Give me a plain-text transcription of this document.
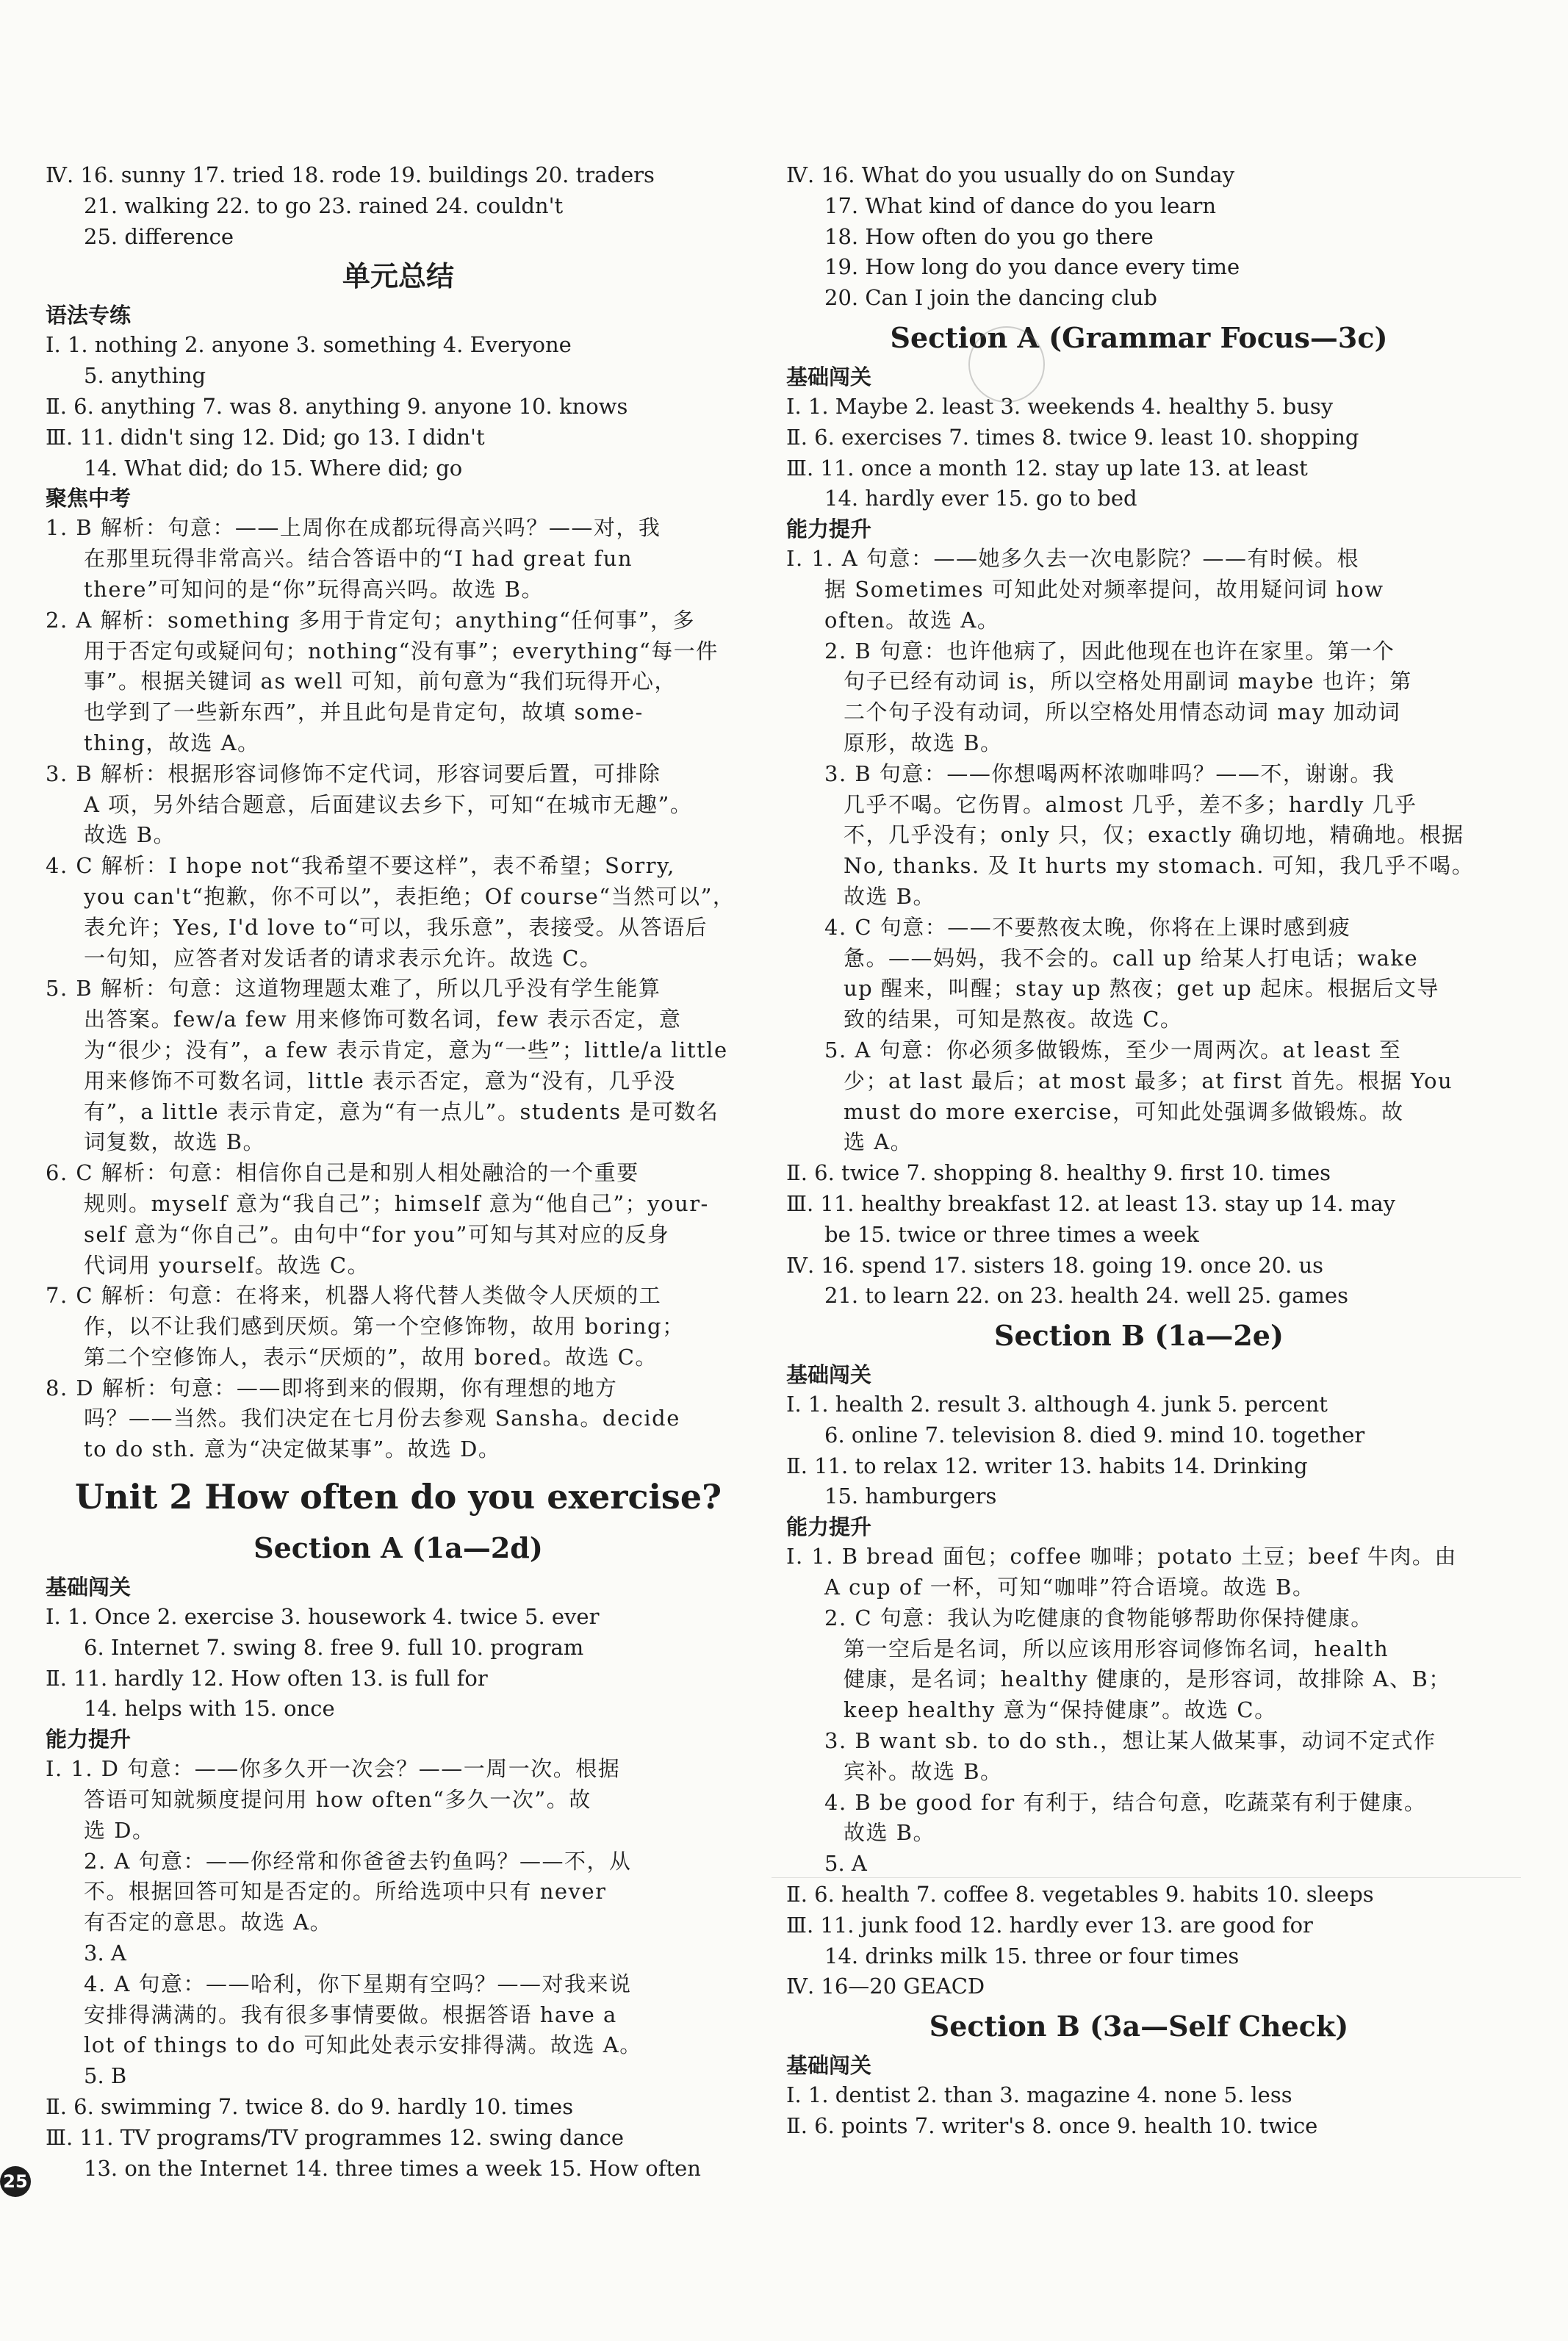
Ⅳ. 16. sunny 17. tried 18. rode 19. buildings 20. traders
21. walking 22. to go 23. rained 24. couldn't
25. difference
单元总结
语法专练
Ⅰ. 1. nothing 2. anyone 3. something 4. Everyone
5. anything
Ⅱ. 6. anything 7. was 8. anything 9. anyone 10. knows
Ⅲ. 11. didn't sing 12. Did; go 13. I didn't
14. What did; do 15. Where did; go
聚焦中考
1. B 解析：句意：——上周你在成都玩得高兴吗？——对，我
在那里玩得非常高兴。结合答语中的“I had great fun
there”可知问的是“你”玩得高兴吗。故选 B。
2. A 解析：something 多用于肯定句；anything“任何事”，多
用于否定句或疑问句；nothing“没有事”；everything“每一件
事”。根据关键词 as well 可知，前句意为“我们玩得开心，
也学到了一些新东西”，并且此句是肯定句，故填 some-
thing，故选 A。
3. B 解析：根据形容词修饰不定代词，形容词要后置，可排除
A 项，另外结合题意，后面建议去乡下，可知“在城市无趣”。
故选 B。
4. C 解析：I hope not“我希望不要这样”，表不希望；Sorry,
you can't“抱歉，你不可以”，表拒绝；Of course“当然可以”，
表允许；Yes, I'd love to“可以，我乐意”，表接受。从答语后
一句知，应答者对发话者的请求表示允许。故选 C。
5. B 解析：句意：这道物理题太难了，所以几乎没有学生能算
出答案。few/a few 用来修饰可数名词，few 表示否定，意
为“很少；没有”，a few 表示肯定，意为“一些”；little/a little
用来修饰不可数名词，little 表示否定，意为“没有，几乎没
有”，a little 表示肯定，意为“有一点儿”。students 是可数名
词复数，故选 B。
6. C 解析：句意：相信你自己是和别人相处融洽的一个重要
规则。myself 意为“我自己”；himself 意为“他自己”；your-
self 意为“你自己”。由句中“for you”可知与其对应的反身
代词用 yourself。故选 C。
7. C 解析：句意：在将来，机器人将代替人类做令人厌烦的工
作，以不让我们感到厌烦。第一个空修饰物，故用 boring；
第二个空修饰人，表示“厌烦的”，故用 bored。故选 C。
8. D 解析：句意：——即将到来的假期，你有理想的地方
吗？——当然。我们决定在七月份去参观 Sansha。decide
to do sth. 意为“决定做某事”。故选 D。
Unit 2 How often do you exercise?
Section A (1a—2d)
基础闯关
Ⅰ. 1. Once 2. exercise 3. housework 4. twice 5. ever
6. Internet 7. swing 8. free 9. full 10. program
Ⅱ. 11. hardly 12. How often 13. is full for
14. helps with 15. once
能力提升
Ⅰ. 1. D 句意：——你多久开一次会？——一周一次。根据
答语可知就频度提问用 how often“多久一次”。故
选 D。
2. A 句意：——你经常和你爸爸去钓鱼吗？——不，从
不。根据回答可知是否定的。所给选项中只有 never
有否定的意思。故选 A。
3. A
4. A 句意：——哈利，你下星期有空吗？——对我来说
安排得满满的。我有很多事情要做。根据答语 have a
lot of things to do 可知此处表示安排得满。故选 A。
5. B
Ⅱ. 6. swimming 7. twice 8. do 9. hardly 10. times
Ⅲ. 11. TV programs/TV programmes 12. swing dance
13. on the Internet 14. three times a week 15. How often
Ⅳ. 16. What do you usually do on Sunday
17. What kind of dance do you learn
18. How often do you go there
19. How long do you dance every time
20. Can I join the dancing club
Section A (Grammar Focus—3c)
基础闯关
Ⅰ. 1. Maybe 2. least 3. weekends 4. healthy 5. busy
Ⅱ. 6. exercises 7. times 8. twice 9. least 10. shopping
Ⅲ. 11. once a month 12. stay up late 13. at least
14. hardly ever 15. go to bed
能力提升
Ⅰ. 1. A 句意：——她多久去一次电影院？——有时候。根
据 Sometimes 可知此处对频率提问，故用疑问词 how
often。故选 A。
2. B 句意：也许他病了，因此他现在也许在家里。第一个
句子已经有动词 is，所以空格处用副词 maybe 也许；第
二个句子没有动词，所以空格处用情态动词 may 加动词
原形，故选 B。
3. B 句意：——你想喝两杯浓咖啡吗？——不，谢谢。我
几乎不喝。它伤胃。almost 几乎，差不多；hardly 几乎
不，几乎没有；only 只，仅；exactly 确切地，精确地。根据
No, thanks. 及 It hurts my stomach. 可知，我几乎不喝。
故选 B。
4. C 句意：——不要熬夜太晚，你将在上课时感到疲
惫。——妈妈，我不会的。call up 给某人打电话；wake
up 醒来，叫醒；stay up 熬夜；get up 起床。根据后文导
致的结果，可知是熬夜。故选 C。
5. A 句意：你必须多做锻炼，至少一周两次。at least 至
少；at last 最后；at most 最多；at first 首先。根据 You
must do more exercise，可知此处强调多做锻炼。故
选 A。
Ⅱ. 6. twice 7. shopping 8. healthy 9. first 10. times
Ⅲ. 11. healthy breakfast 12. at least 13. stay up 14. may
be 15. twice or three times a week
Ⅳ. 16. spend 17. sisters 18. going 19. once 20. us
21. to learn 22. on 23. health 24. well 25. games
Section B (1a—2e)
基础闯关
Ⅰ. 1. health 2. result 3. although 4. junk 5. percent
6. online 7. television 8. died 9. mind 10. together
Ⅱ. 11. to relax 12. writer 13. habits 14. Drinking
15. hamburgers
能力提升
Ⅰ. 1. B bread 面包；coffee 咖啡；potato 土豆；beef 牛肉。由
A cup of 一杯，可知“咖啡”符合语境。故选 B。
2. C 句意：我认为吃健康的食物能够帮助你保持健康。
第一空后是名词，所以应该用形容词修饰名词，health
健康，是名词；healthy 健康的，是形容词，故排除 A、B；
keep healthy 意为“保持健康”。故选 C。
3. B want sb. to do sth.，想让某人做某事，动词不定式作
宾补。故选 B。
4. B be good for 有利于，结合句意，吃蔬菜有利于健康。
故选 B。
5. A
Ⅱ. 6. health 7. coffee 8. vegetables 9. habits 10. sleeps
Ⅲ. 11. junk food 12. hardly ever 13. are good for
14. drinks milk 15. three or four times
Ⅳ. 16—20 GEACD
Section B (3a—Self Check)
基础闯关
Ⅰ. 1. dentist 2. than 3. magazine 4. none 5. less
Ⅱ. 6. points 7. writer's 8. once 9. health 10. twice
25
